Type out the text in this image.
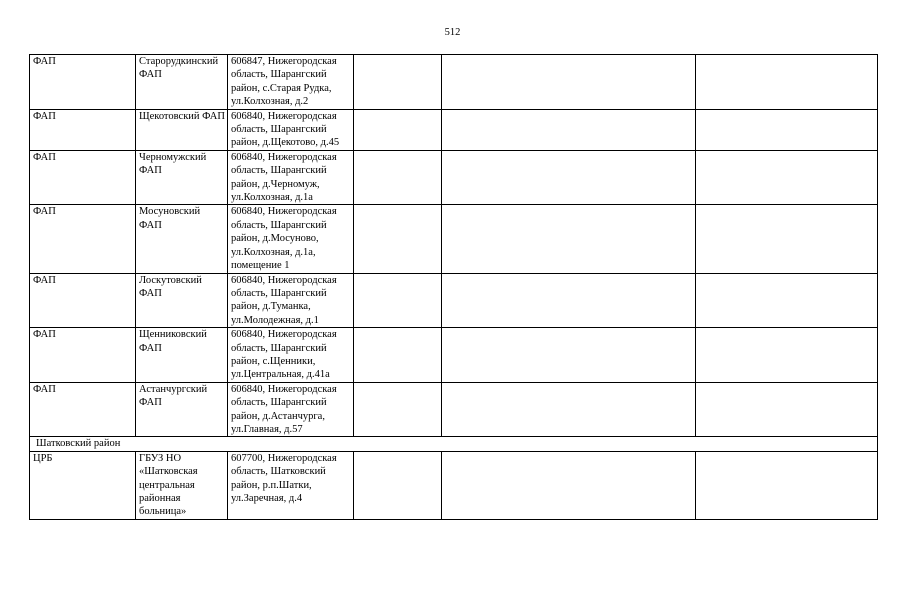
512
ФАП	Старорудкинский ФАП	606847, Нижегородская область, Шарангский район, с.Старая Рудка, ул.Колхозная, д.2			
ФАП	Щекотовский ФАП	606840, Нижегородская область, Шарангский район, д.Щекотово, д.45			
ФАП	Черномужский ФАП	606840, Нижегородская область, Шарангский район, д.Черномуж, ул.Колхозная, д.1а			
ФАП	Мосуновский ФАП	606840, Нижегородская область, Шарангский район, д.Мосуново, ул.Колхозная, д.1а, помещение 1			
ФАП	Лоскутовский ФАП	606840, Нижегородская область, Шарангский район, д.Туманка, ул.Молодежная, д.1			
ФАП	Щенниковский ФАП	606840, Нижегородская область, Шарангский район, с.Щенники, ул.Центральная, д.41а			
ФАП	Астанчургский ФАП	606840, Нижегородская область, Шарангский район, д.Астанчурга, ул.Главная, д.57			
Шатковский район					
ЦРБ	ГБУЗ НО «Шатковская центральная районная больница»	607700, Нижегородская область, Шатковский район, р.п.Шатки, ул.Заречная, д.4			
